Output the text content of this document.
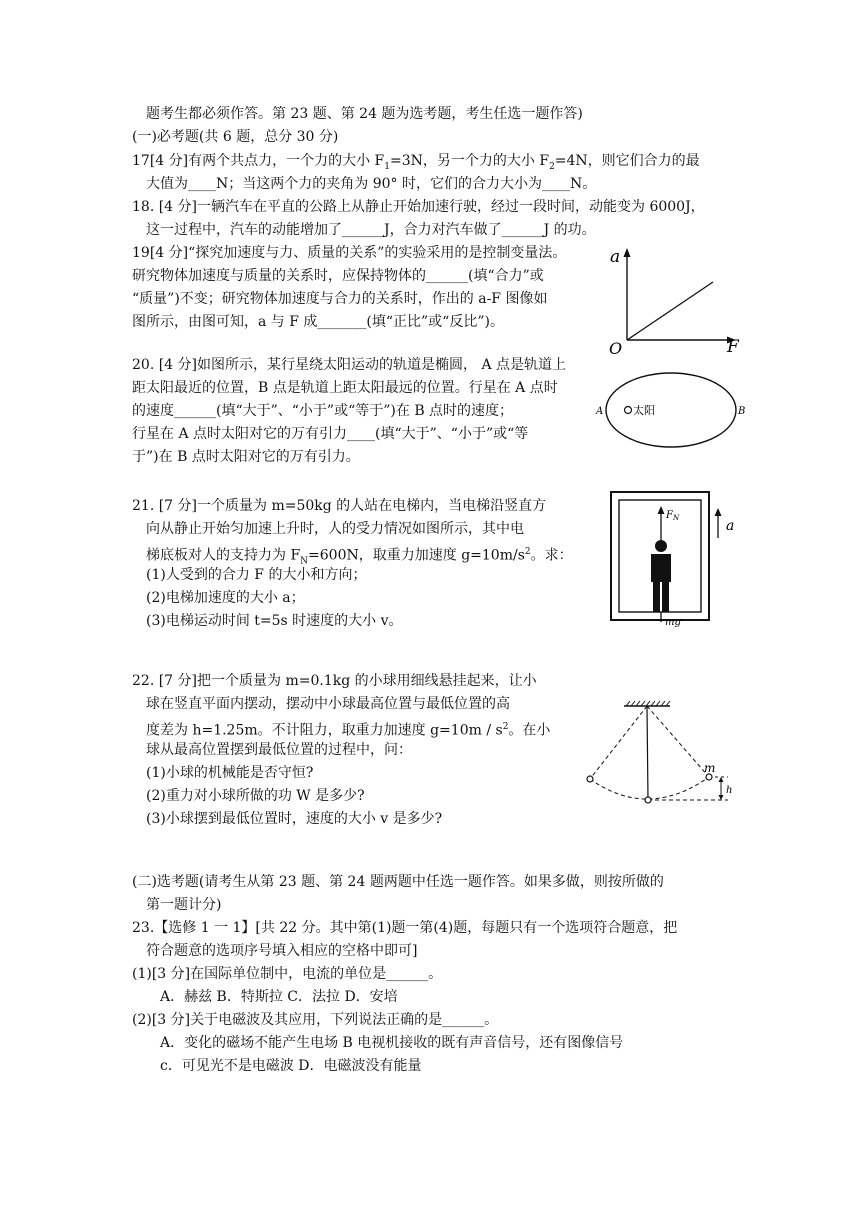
题考生都必须作答。第 23 题、第 24 题为选考题，考生任选一题作答)
(一)必考题(共 6 题，总分 30 分)
17[4 分]有两个共点力，一个力的大小 $F_1=3N$，另一个力的大小 $F_2=4N$，则它们合力的最
大值为____N；当这两个力的夹角为 90° 时，它们的合力大小为____N。
18. [4 分]一辆汽车在平直的公路上从静止开始加速行驶，经过一段时间，动能变为 6000J，
这一过程中，汽车的动能增加了______J，合力对汽车做了______J 的功。
19[4 分]“探究加速度与力、质量的关系”的实验采用的是控制变量法。
研究物体加速度与质量的关系时，应保持物体的______(填“合力”或
“质量”)不变；研究物体加速度与合力的关系时，作出的 a-F 图像如
图所示，由图可知，a 与 F 成_______(填“正比”或“反比”)。
a
F
O
20. [4 分]如图所示，某行星绕太阳运动的轨道是椭圆， A 点是轨道上
距太阳最近的位置，B 点是轨道上距太阳最远的位置。行星在 A 点时
的速度______(填“大于”、“小于”或“等于”)在 B 点时的速度；
行星在 A 点时太阳对它的万有引力____(填“大于”、“小于”或“等
于”)在 B 点时太阳对它的万有引力。
太阳
A	B
21. [7 分]一个质量为 m=50kg 的人站在电梯内，当电梯沿竖直方
向从静止开始匀加速上升时，人的受力情况如图所示，其中电
梯底板对人的支持力为 $F_N=600N$，取重力加速度 $g=10m/s^2$。求：
(1)人受到的合力 F 的大小和方向；
(2)电梯加速度的大小 a；
(3)电梯运动时间 t=5s 时速度的大小 v。
$F_N$
mg
a
22. [7 分]把一个质量为 m=0.1kg 的小球用细线悬挂起来，让小
球在竖直平面内摆动，摆动中小球最高位置与最低位置的高
度差为 h=1.25m。不计阻力，取重力加速度 $g=10m / s^2$。在小
球从最高位置摆到最低位置的过程中，问：
(1)小球的机械能是否守恒?
(2)重力对小球所做的功 W 是多少?
(3)小球摆到最低位置时，速度的大小 v 是多少?
m
h
(二)选考题(请考生从第 23 题、第 24 题两题中任选一题作答。如果多做，则按所做的
第一题计分)
23.【选修 1 一 1】[共 22 分。其中第(1)题一第(4)题，每题只有一个选项符合题意，把
符合题意的选项序号填入相应的空格中即可]
(1)[3 分]在国际单位制中，电流的单位是______。
A．赫兹 B．特斯拉 C．法拉 D．安培
(2)[3 分]关于电磁波及其应用，下列说法正确的是______。
A．变化的磁场不能产生电场 B 电视机接收的既有声音信号，还有图像信号
c．可见光不是电磁波 D．电磁波没有能量
